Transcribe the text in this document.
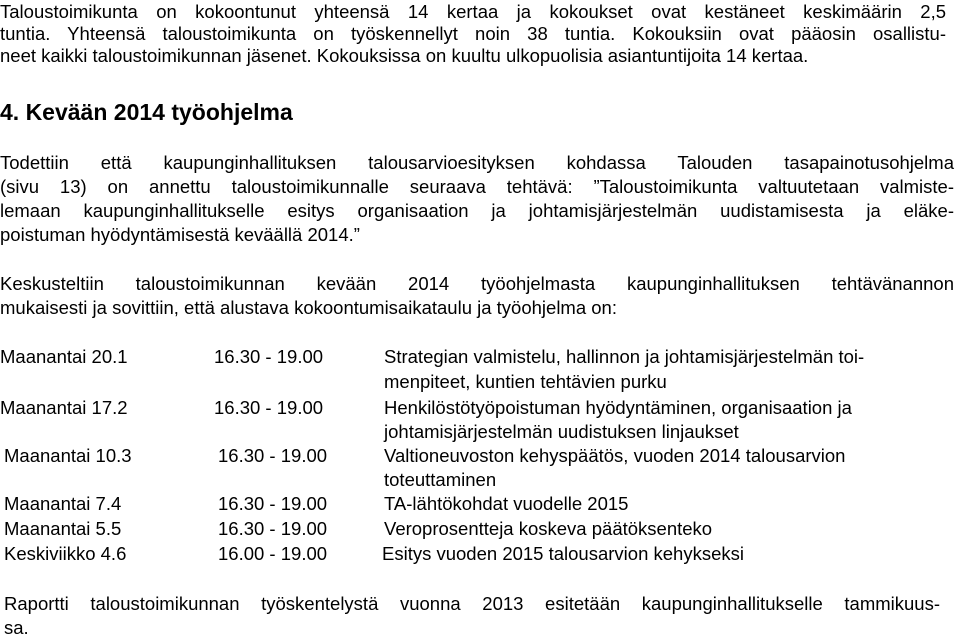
Taloustoimikunta on kokoontunut yhteensä 14 kertaa ja kokoukset ovat kestäneet keskimäärin 2,5
tuntia. Yhteensä taloustoimikunta on työskennellyt noin 38 tuntia. Kokouksiin ovat pääosin osallistu-
neet kaikki taloustoimikunnan jäsenet. Kokouksissa on kuultu ulkopuolisia asiantuntijoita 14 kertaa.
4. Kevään 2014 työohjelma
Todettiin että kaupunginhallituksen talousarvioesityksen kohdassa Talouden tasapainotusohjelma
(sivu 13) on annettu taloustoimikunnalle seuraava tehtävä: ”Taloustoimikunta valtuutetaan valmiste-
lemaan kaupunginhallitukselle esitys organisaation ja johtamisjärjestelmän uudistamisesta ja eläke-
poistuman hyödyntämisestä keväällä 2014.”
Keskusteltiin taloustoimikunnan kevään 2014 työohjelmasta kaupunginhallituksen tehtävänannon
mukaisesti ja sovittiin, että alustava kokoontumisaikataulu ja työohjelma on:
Maanantai 20.1	16.30 - 19.00	Strategian valmistelu, hallinnon ja johtamisjärjestelmän toi-
menpiteet, kuntien tehtävien purku
Maanantai 17.2	16.30 - 19.00	Henkilöstötyöpoistuman hyödyntäminen, organisaation ja
johtamisjärjestelmän uudistuksen linjaukset
Maanantai 10.3	16.30 - 19.00	Valtioneuvoston kehyspäätös, vuoden 2014 talousarvion
toteuttaminen
Maanantai 7.4	16.30 - 19.00	TA-lähtökohdat vuodelle 2015
Maanantai 5.5	16.30 - 19.00	Veroprosentteja koskeva päätöksenteko
Keskiviikko 4.6	16.00 - 19.00	Esitys vuoden 2015 talousarvion kehykseksi
Raportti taloustoimikunnan työskentelystä vuonna 2013 esitetään kaupunginhallitukselle tammikuus-
sa.
